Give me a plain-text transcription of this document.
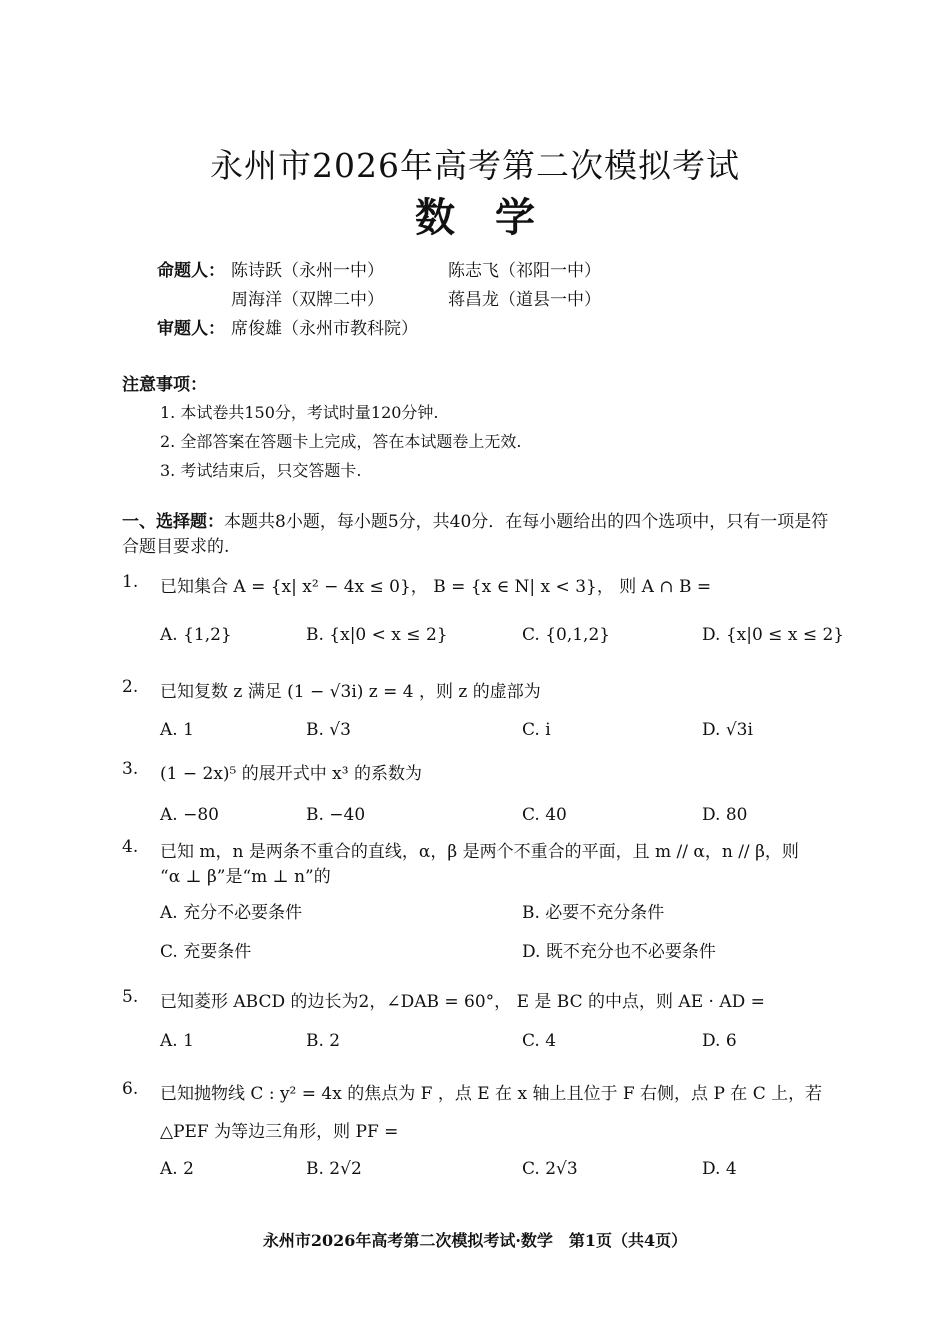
永州市2026年高考第二次模拟考试
数学
命题人： 陈诗跃（永州一中）	陈志飞（祁阳一中）
周海洋（双牌二中）	蒋昌龙（道县一中）
审题人： 席俊雄（永州市教科院）
注意事项：
1. 本试卷共150分，考试时量120分钟.
2. 全部答案在答题卡上完成，答在本试题卷上无效.
3. 考试结束后，只交答题卡.
一、选择题：本题共8小题，每小题5分，共40分．在每小题给出的四个选项中，只有一项是符合题目要求的.
1. 已知集合 A = {x| x² − 4x ≤ 0}， B = {x ∈ N| x < 3}， 则 A ∩ B =
A. {1,2}	B. {x|0 < x ≤ 2}	C. {0,1,2}	D. {x|0 ≤ x ≤ 2}
2. 已知复数 z 满足 (1 − √3i) z = 4 ，则 z 的虚部为
A. 1	B. √3	C. i	D. √3i
3. (1 − 2x)⁵ 的展开式中 x³ 的系数为
A. −80	B. −40	C. 40	D. 80
4. 已知 m，n 是两条不重合的直线，α，β 是两个不重合的平面，且 m // α，n // β，则
“α ⊥ β”是“m ⊥ n”的
A. 充分不必要条件	B. 必要不充分条件
C. 充要条件	D. 既不充分也不必要条件
5. 已知菱形 ABCD 的边长为2，∠DAB = 60°， E 是 BC 的中点，则 AE · AD =
A. 1	B. 2	C. 4	D. 6
6. 已知抛物线 C : y² = 4x 的焦点为 F ，点 E 在 x 轴上且位于 F 右侧，点 P 在 C 上，若
△PEF 为等边三角形，则 PF =
A. 2	B. 2√2	C. 2√3	D. 4
永州市2026年高考第二次模拟考试·数学　第1页（共4页）
